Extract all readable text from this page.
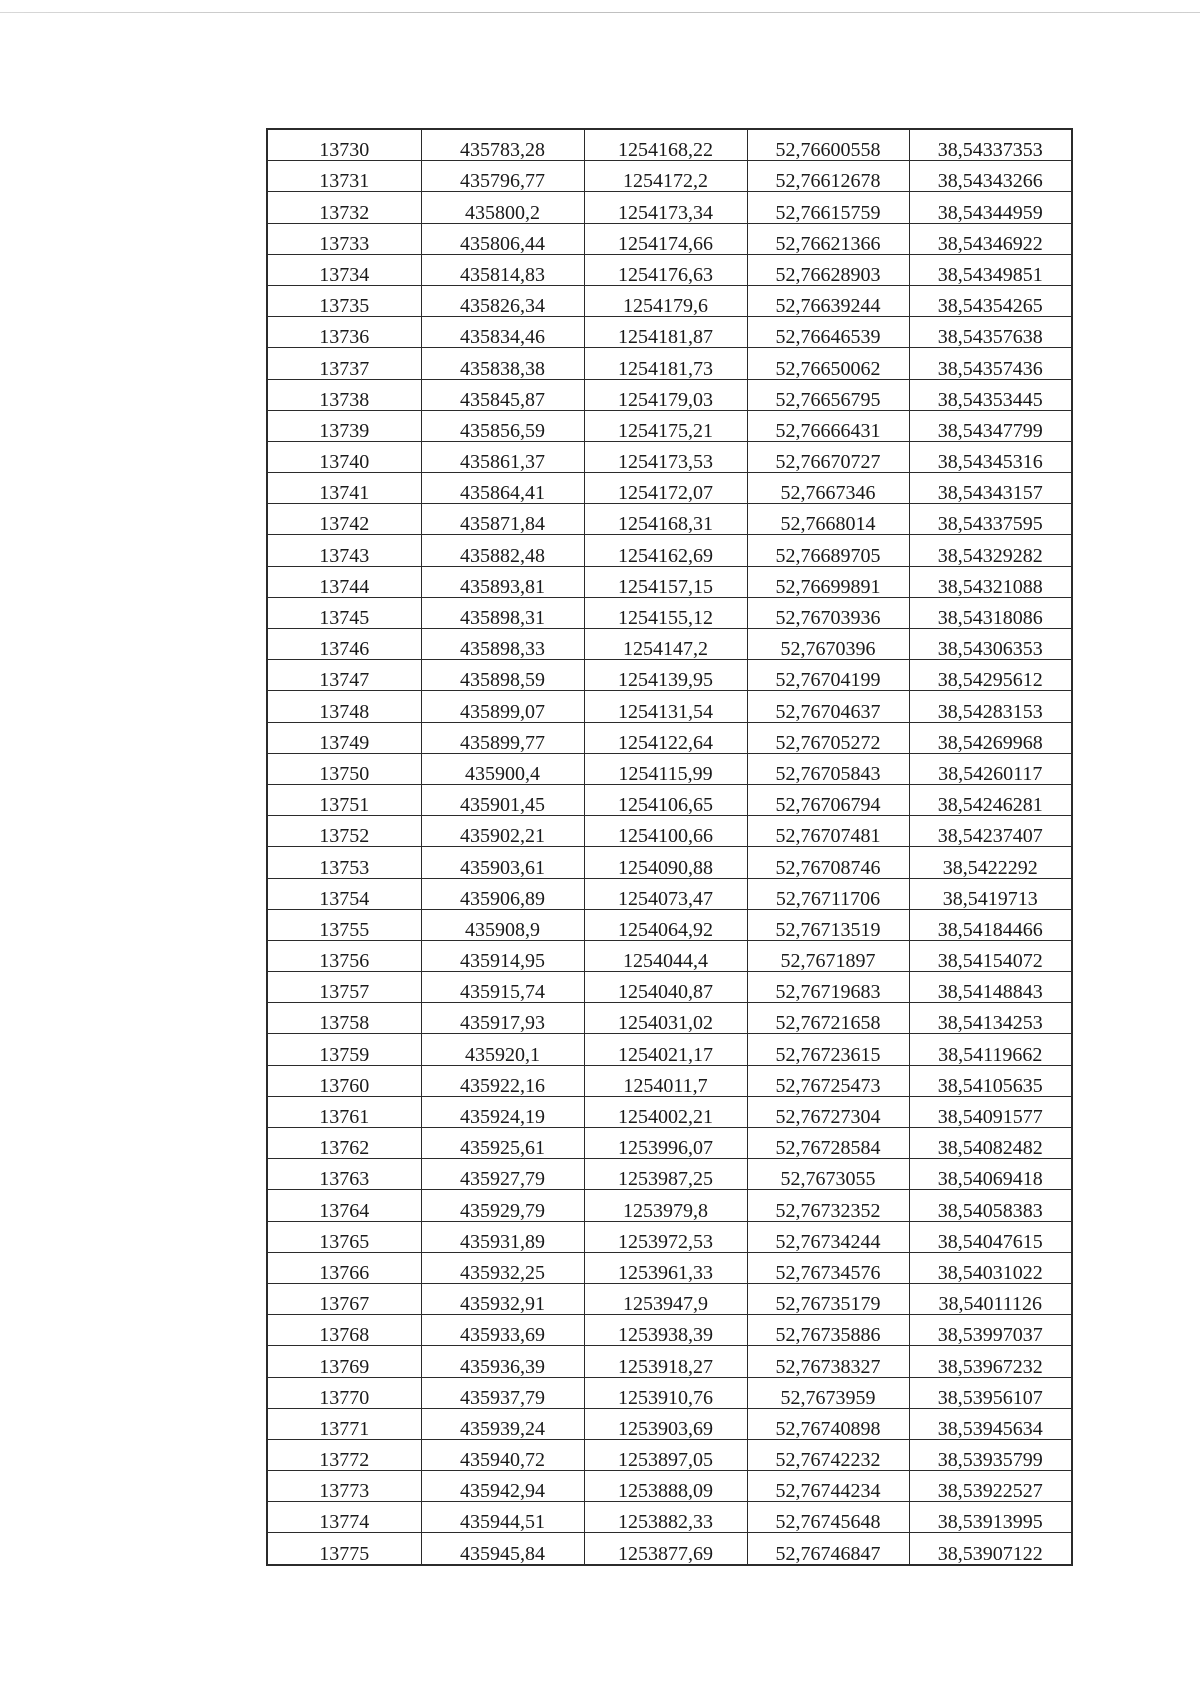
13730	435783,28	1254168,22	52,76600558	38,54337353
13731	435796,77	1254172,2	52,76612678	38,54343266
13732	435800,2	1254173,34	52,76615759	38,54344959
13733	435806,44	1254174,66	52,76621366	38,54346922
13734	435814,83	1254176,63	52,76628903	38,54349851
13735	435826,34	1254179,6	52,76639244	38,54354265
13736	435834,46	1254181,87	52,76646539	38,54357638
13737	435838,38	1254181,73	52,76650062	38,54357436
13738	435845,87	1254179,03	52,76656795	38,54353445
13739	435856,59	1254175,21	52,76666431	38,54347799
13740	435861,37	1254173,53	52,76670727	38,54345316
13741	435864,41	1254172,07	52,7667346	38,54343157
13742	435871,84	1254168,31	52,7668014	38,54337595
13743	435882,48	1254162,69	52,76689705	38,54329282
13744	435893,81	1254157,15	52,76699891	38,54321088
13745	435898,31	1254155,12	52,76703936	38,54318086
13746	435898,33	1254147,2	52,7670396	38,54306353
13747	435898,59	1254139,95	52,76704199	38,54295612
13748	435899,07	1254131,54	52,76704637	38,54283153
13749	435899,77	1254122,64	52,76705272	38,54269968
13750	435900,4	1254115,99	52,76705843	38,54260117
13751	435901,45	1254106,65	52,76706794	38,54246281
13752	435902,21	1254100,66	52,76707481	38,54237407
13753	435903,61	1254090,88	52,76708746	38,5422292
13754	435906,89	1254073,47	52,76711706	38,5419713
13755	435908,9	1254064,92	52,76713519	38,54184466
13756	435914,95	1254044,4	52,7671897	38,54154072
13757	435915,74	1254040,87	52,76719683	38,54148843
13758	435917,93	1254031,02	52,76721658	38,54134253
13759	435920,1	1254021,17	52,76723615	38,54119662
13760	435922,16	1254011,7	52,76725473	38,54105635
13761	435924,19	1254002,21	52,76727304	38,54091577
13762	435925,61	1253996,07	52,76728584	38,54082482
13763	435927,79	1253987,25	52,7673055	38,54069418
13764	435929,79	1253979,8	52,76732352	38,54058383
13765	435931,89	1253972,53	52,76734244	38,54047615
13766	435932,25	1253961,33	52,76734576	38,54031022
13767	435932,91	1253947,9	52,76735179	38,54011126
13768	435933,69	1253938,39	52,76735886	38,53997037
13769	435936,39	1253918,27	52,76738327	38,53967232
13770	435937,79	1253910,76	52,7673959	38,53956107
13771	435939,24	1253903,69	52,76740898	38,53945634
13772	435940,72	1253897,05	52,76742232	38,53935799
13773	435942,94	1253888,09	52,76744234	38,53922527
13774	435944,51	1253882,33	52,76745648	38,53913995
13775	435945,84	1253877,69	52,76746847	38,53907122
